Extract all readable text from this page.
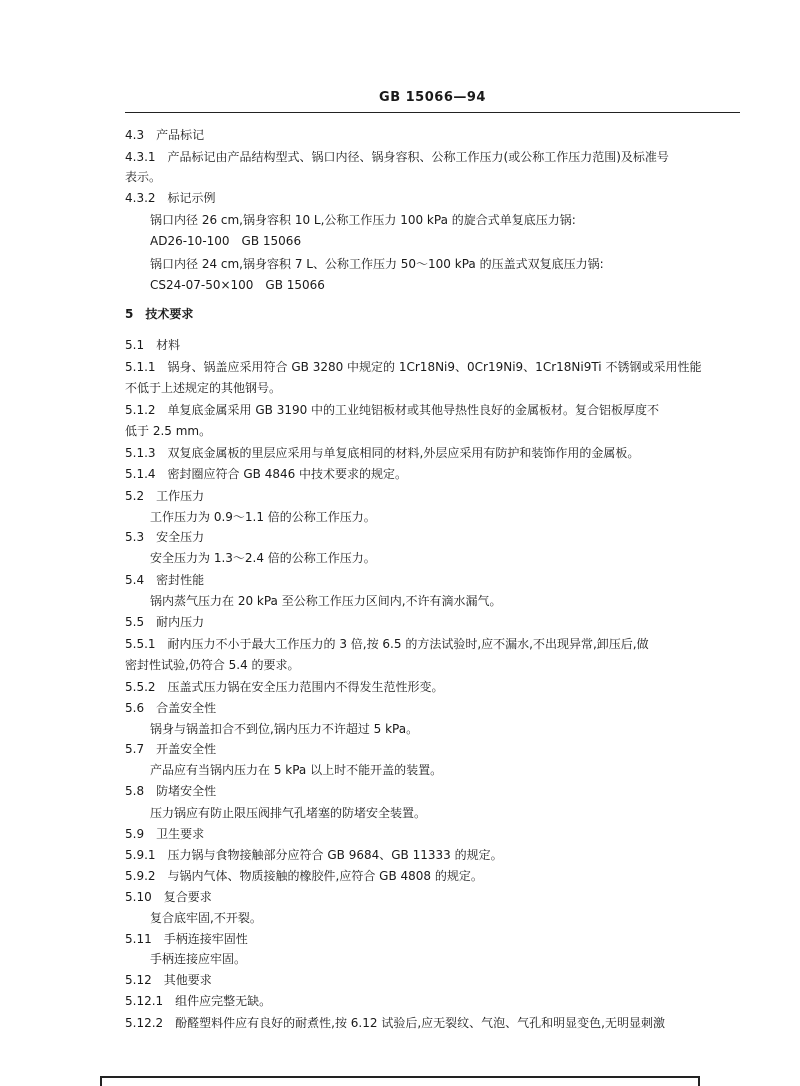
GB 15066—94
4.3　产品标记
4.3.1　产品标记由产品结构型式、锅口内径、锅身容积、公称工作压力(或公称工作压力范围)及标准号
表示。
4.3.2　标记示例
锅口内径 26 cm,锅身容积 10 L,公称工作压力 100 kPa 的旋合式单复底压力锅:
AD26-10-100　GB 15066
锅口内径 24 cm,锅身容积 7 L、公称工作压力 50～100 kPa 的压盖式双复底压力锅:
CS24-07-50×100　GB 15066
5　技术要求
5.1　材料
5.1.1　锅身、锅盖应采用符合 GB 3280 中规定的 1Cr18Ni9、0Cr19Ni9、1Cr18Ni9Ti 不锈钢或采用性能
不低于上述规定的其他钢号。
5.1.2　单复底金属采用 GB 3190 中的工业纯铝板材或其他导热性良好的金属板材。复合铝板厚度不
低于 2.5 mm。
5.1.3　双复底金属板的里层应采用与单复底相同的材料,外层应采用有防护和装饰作用的金属板。
5.1.4　密封圈应符合 GB 4846 中技术要求的规定。
5.2　工作压力
工作压力为 0.9～1.1 倍的公称工作压力。
5.3　安全压力
安全压力为 1.3～2.4 倍的公称工作压力。
5.4　密封性能
锅内蒸气压力在 20 kPa 至公称工作压力区间内,不许有滴水漏气。
5.5　耐内压力
5.5.1　耐内压力不小于最大工作压力的 3 倍,按 6.5 的方法试验时,应不漏水,不出现异常,卸压后,做
密封性试验,仍符合 5.4 的要求。
5.5.2　压盖式压力锅在安全压力范围内不得发生范性形变。
5.6　合盖安全性
锅身与锅盖扣合不到位,锅内压力不许超过 5 kPa。
5.7　开盖安全性
产品应有当锅内压力在 5 kPa 以上时不能开盖的装置。
5.8　防堵安全性
压力锅应有防止限压阀排气孔堵塞的防堵安全装置。
5.9　卫生要求
5.9.1　压力锅与食物接触部分应符合 GB 9684、GB 11333 的规定。
5.9.2　与锅内气体、物质接触的橡胶件,应符合 GB 4808 的规定。
5.10　复合要求
复合底牢固,不开裂。
5.11　手柄连接牢固性
手柄连接应牢固。
5.12　其他要求
5.12.1　组件应完整无缺。
5.12.2　酚醛塑料件应有良好的耐煮性,按 6.12 试验后,应无裂纹、气泡、气孔和明显变色,无明显刺激
